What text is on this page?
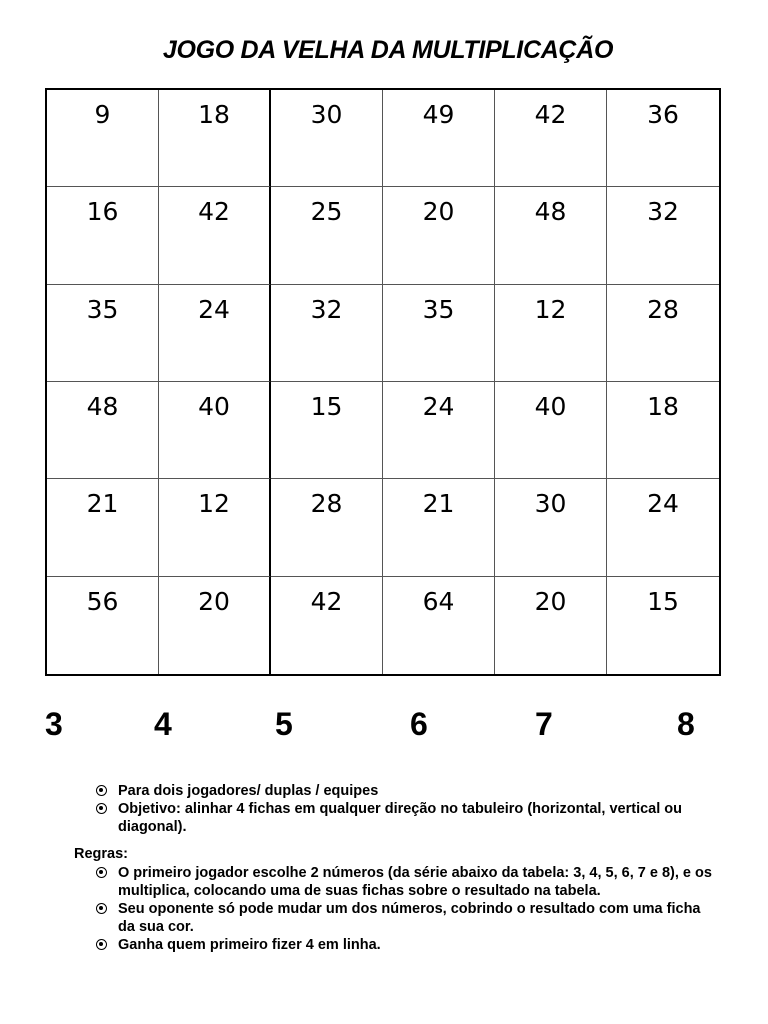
JOGO DA VELHA DA MULTIPLICAÇÃO
9	18	30	49	42	36
16	42	25	20	48	32
35	24	32	35	12	28
48	40	15	24	40	18
21	12	28	21	30	24
56	20	42	64	20	15
3	4	5	6	7	8
Para dois jogadores/ duplas / equipes
Objetivo: alinhar 4 fichas em qualquer direção no tabuleiro (horizontal, vertical ou diagonal).
Regras:
O primeiro jogador escolhe 2 números (da série abaixo da tabela: 3, 4, 5, 6, 7 e 8), e os multiplica, colocando uma de suas fichas sobre o resultado na tabela.
Seu oponente só pode mudar um dos números, cobrindo o resultado com uma ficha da sua cor.
Ganha quem primeiro fizer 4 em linha.
